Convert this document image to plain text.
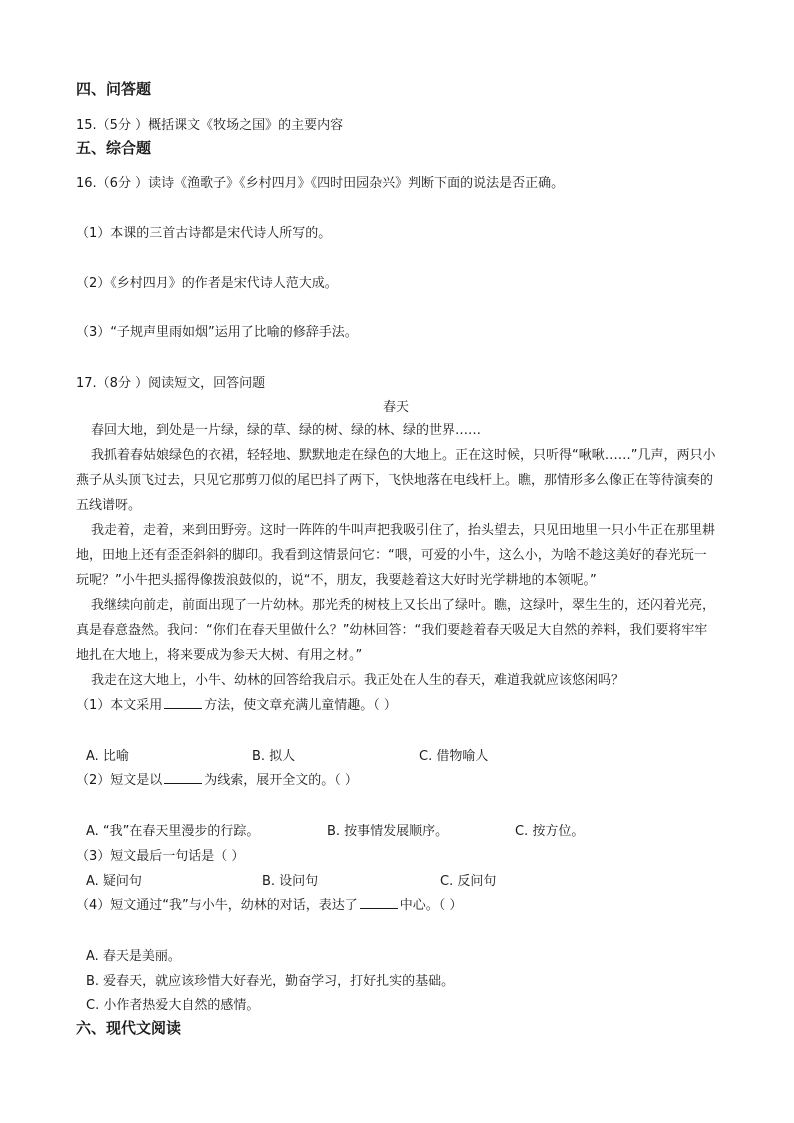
四、问答题
15.（5分 ）概括课文《牧场之国》的主要内容
五、综合题
16.（6分 ）读诗《渔歌子》《乡村四月》《四时田园杂兴》判断下面的说法是否正确。
（1）本课的三首古诗都是宋代诗人所写的。
（2）《乡村四月》的作者是宋代诗人范大成。
（3）“子规声里雨如烟”运用了比喻的修辞手法。
17.（8分 ）阅读短文，回答问题
春天
春回大地，到处是一片绿，绿的草、绿的树、绿的林、绿的世界……
我抓着春姑娘绿色的衣裙，轻轻地、默默地走在绿色的大地上。正在这时候，只听得“啾啾……”几声，两只小燕子从头顶飞过去，只见它那剪刀似的尾巴抖了两下，飞快地落在电线杆上。瞧，那情形多么像正在等待演奏的五线谱呀。
我走着，走着，来到田野旁。这时一阵阵的牛叫声把我吸引住了，抬头望去，只见田地里一只小牛正在那里耕地，田地上还有歪歪斜斜的脚印。我看到这情景问它：“喂，可爱的小牛，这么小，为啥不趁这美好的春光玩一玩呢？”小牛把头摇得像拨浪鼓似的，说“不，朋友，我要趁着这大好时光学耕地的本领呢。”
我继续向前走，前面出现了一片幼林。那光秃的树枝上又长出了绿叶。瞧，这绿叶，翠生生的，还闪着光亮，真是春意盎然。我问：“你们在春天里做什么？”幼林回答：“我们要趁着春天吸足大自然的养料，我们要将牢牢地扎在大地上，将来要成为参天大树、有用之材。”
我走在这大地上，小牛、幼林的回答给我启示。我正处在人生的春天，难道我就应该悠闲吗？
（1）本文采用	方法，使文章充满儿童情趣。（ ）
A. 比喻	B. 拟人	C. 借物喻人
（2）短文是以	为线索，展开全文的。（ ）
A. “我”在春天里漫步的行踪。	B. 按事情发展顺序。	C. 按方位。
（3）短文最后一句话是（ ）
A. 疑问句	B. 设问句	C. 反问句
（4）短文通过“我”与小牛，幼林的对话，表达了	中心。（ ）
A. 春天是美丽。
B. 爱春天，就应该珍惜大好春光，勤奋学习，打好扎实的基础。
C. 小作者热爱大自然的感情。
六、现代文阅读
